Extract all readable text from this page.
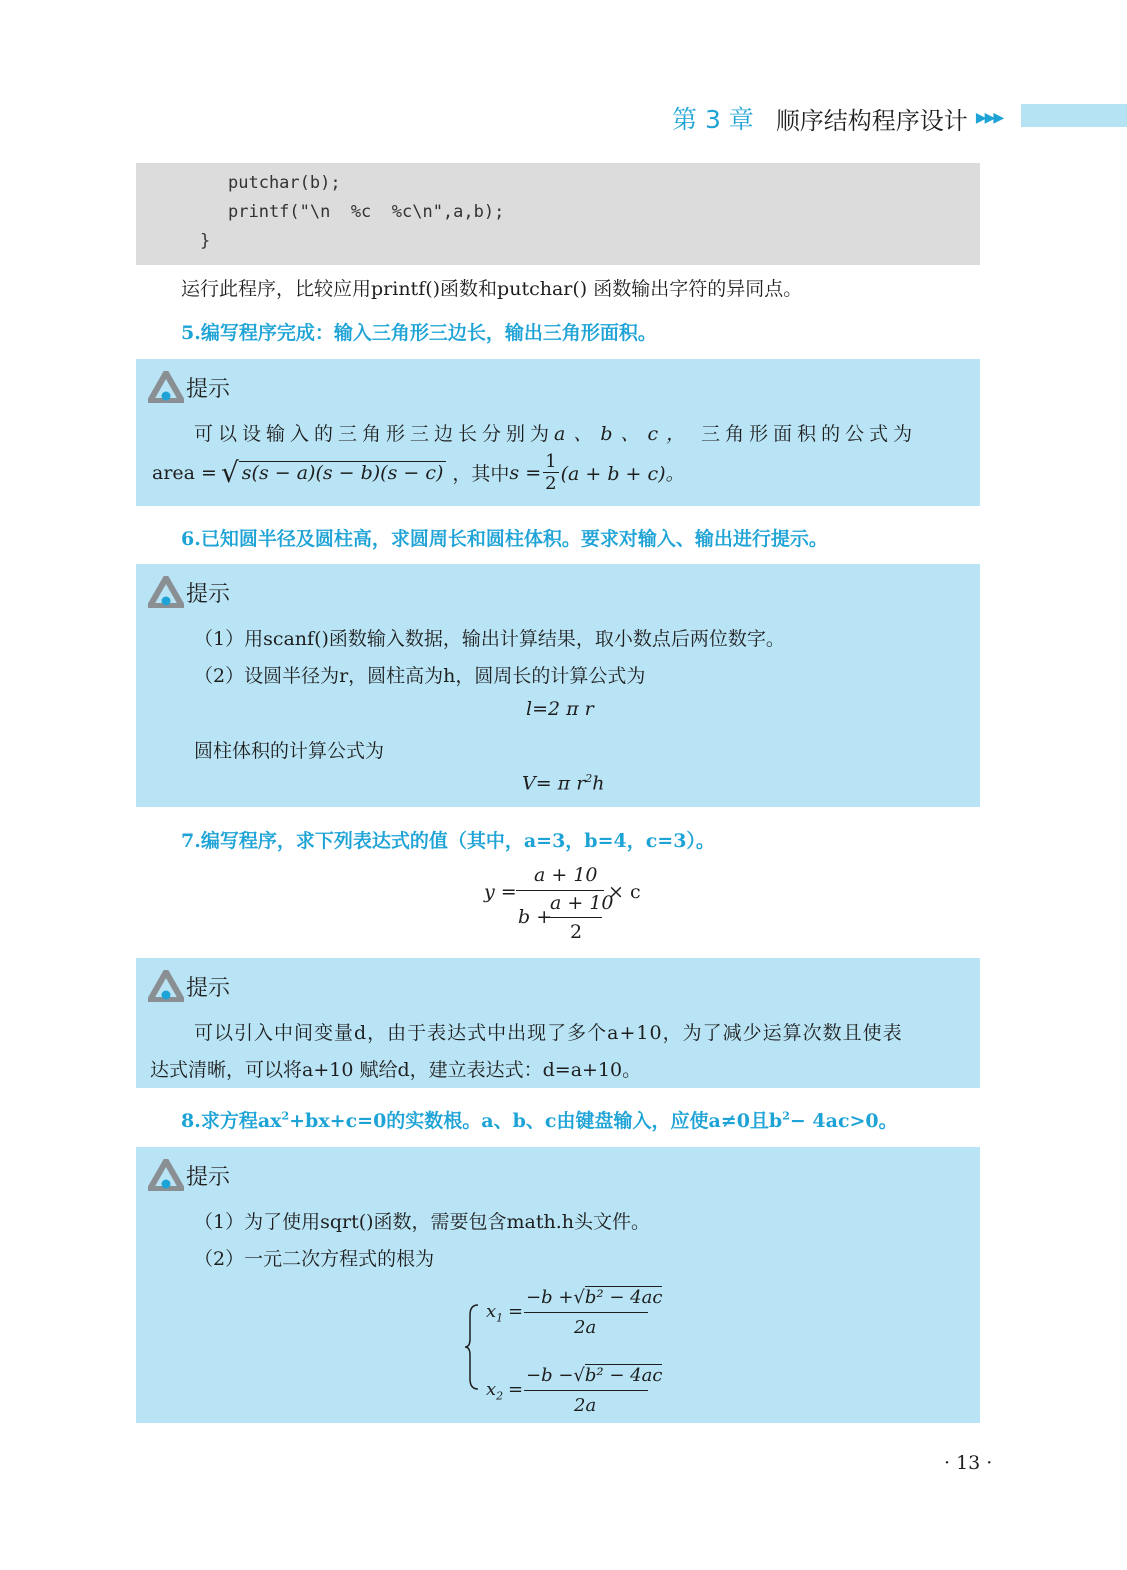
第 3 章 顺序结构程序设计 ▶▶▶
putchar(b);
printf("\n  %c  %c\n",a,b);
}
运行此程序，比较应用printf()函数和putchar() 函数输出字符的异同点。
5.编写程序完成：输入三角形三边长，输出三角形面积。
提示
可以设输入的三角形三边长分别为a、b、c， 三角形面积的公式为
area = √ s(s − a)(s − b)(s − c) ，其中 $s = \frac{1}{2} (a + b + c)$。
6.已知圆半径及圆柱高，求圆周长和圆柱体积。要求对输入、输出进行提示。
提示
（1）用scanf()函数输入数据，输出计算结果，取小数点后两位数字。
（2）设圆半径为r，圆柱高为h，圆周长的计算公式为
l=2 π r
圆柱体积的计算公式为
V= π $r^2h$
7.编写程序，求下列表达式的值（其中，a=3，b=4，c=3）。
y =
a + 10
× c
b +
a + 10
2
提示
可以引入中间变量d，由于表达式中出现了多个a+10，为了减少运算次数且使表
达式清晰，可以将a+10 赋给d，建立表达式：d=a+10。
8.求方程$ax^2+bx+c=0$的实数根。a、b、c由键盘输入，应使a≠0且$b^2- 4ac>0$。
提示
（1）为了使用sqrt()函数，需要包含math.h头文件。
（2）一元二次方程式的根为
$x_1$ =
−b +√b² − 4ac
2a
$x_2$ =
−b −√b² − 4ac
2a
· 13 ·
